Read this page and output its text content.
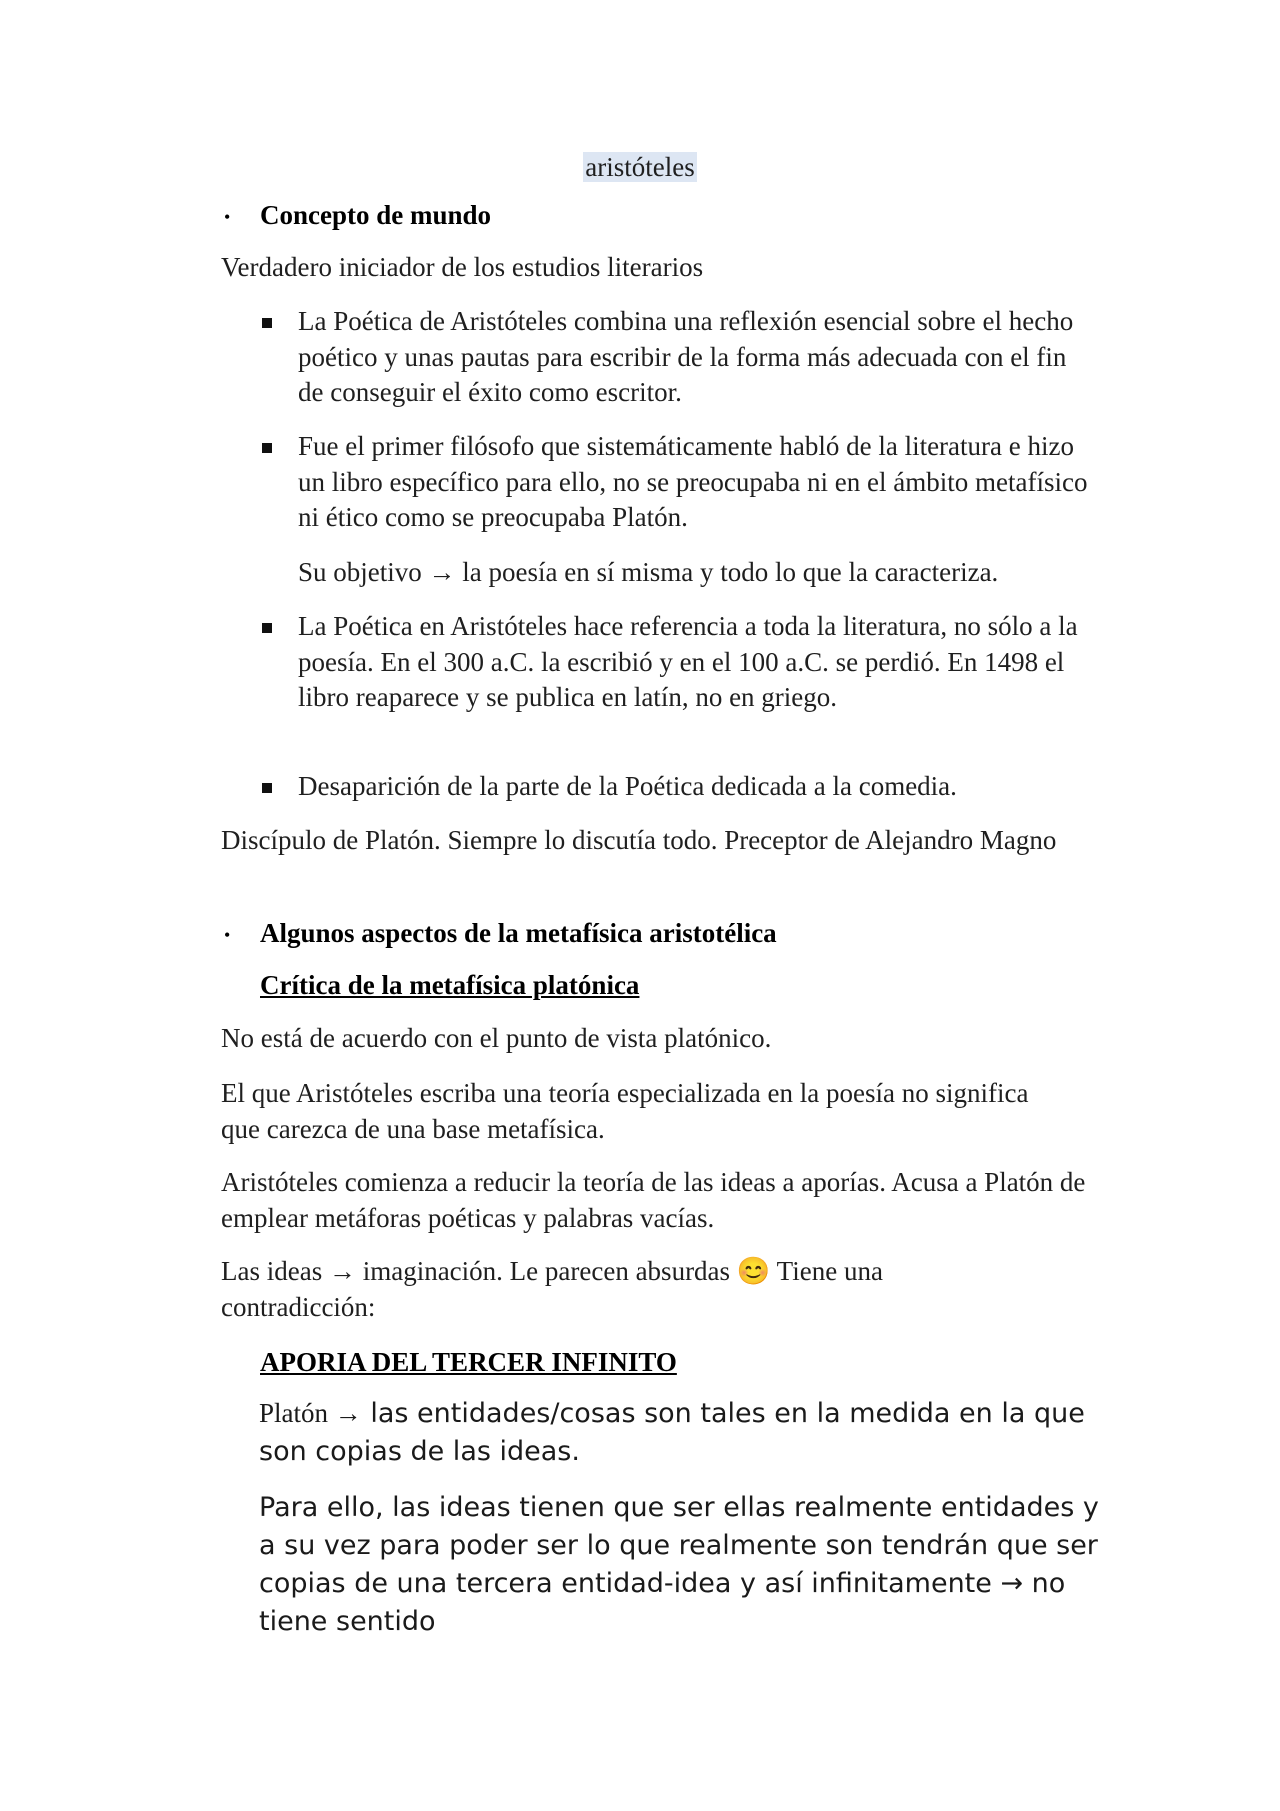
aristóteles
• Concepto de mundo

Verdadero iniciador de los estudios literarios

La Poética de Aristóteles combina una reflexión esencial sobre el hecho poético y unas pautas para escribir de la forma más adecuada con el fin de conseguir el éxito como escritor.

Fue el primer filósofo que sistemáticamente habló de la literatura e hizo un libro específico para ello, no se preocupaba ni en el ámbito metafísico ni ético como se preocupaba Platón.

Su objetivo → la poesía en sí misma y todo lo que la caracteriza.

La Poética en Aristóteles hace referencia a toda la literatura, no sólo a la poesía. En el 300 a.C. la escribió y en el 100 a.C. se perdió. En 1498 el libro reaparece y se publica en latín, no en griego.

Desaparición de la parte de la Poética dedicada a la comedia.

Discípulo de Platón. Siempre lo discutía todo. Preceptor de Alejandro Magno

• Algunos aspectos de la metafísica aristotélica

Crítica de la metafísica platónica

No está de acuerdo con el punto de vista platónico.

El que Aristóteles escriba una teoría especializada en la poesía no significa que carezca de una base metafísica.

Aristóteles comienza a reducir la teoría de las ideas a aporías. Acusa a Platón de emplear metáforas poéticas y palabras vacías.

Las ideas → imaginación. Le parecen absurdas 😊 Tiene una contradicción:

APORIA DEL TERCER INFINITO

Platón → las entidades/cosas son tales en la medida en la que son copias de las ideas.

Para ello, las ideas tienen que ser ellas realmente entidades y a su vez para poder ser lo que realmente son tendrán que ser copias de una tercera entidad-idea y así infinitamente → no tiene sentido
